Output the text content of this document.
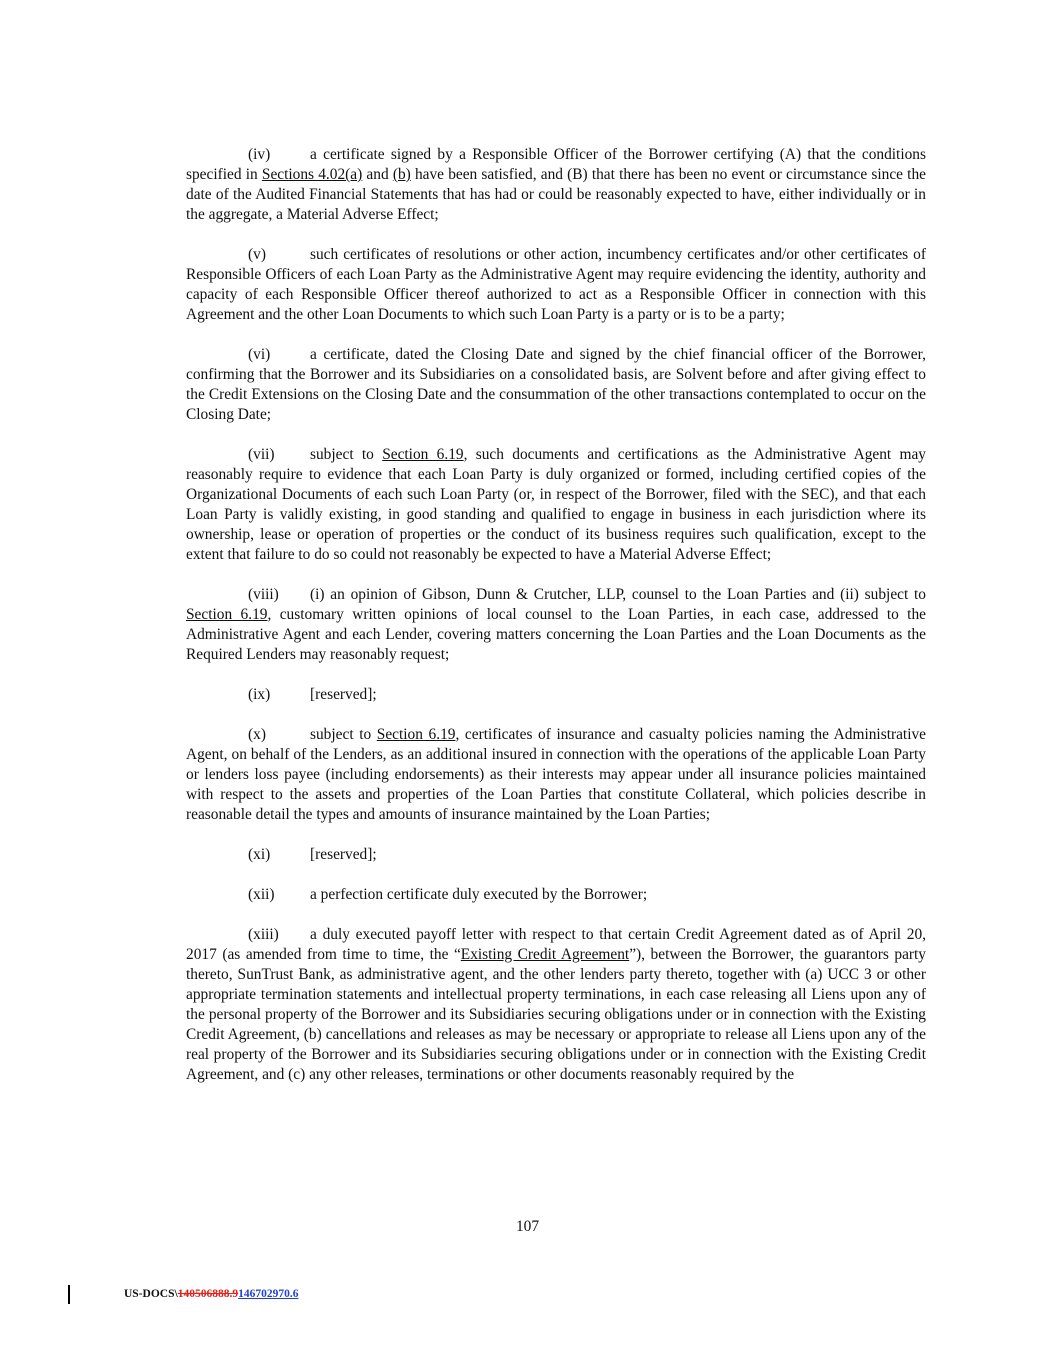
(iv)	a certificate signed by a Responsible Officer of the Borrower certifying (A) that the conditions specified in Sections 4.02(a) and (b) have been satisfied, and (B) that there has been no event or circumstance since the date of the Audited Financial Statements that has had or could be reasonably expected to have, either individually or in the aggregate, a Material Adverse Effect;

(v)	such certificates of resolutions or other action, incumbency certificates and/or other certificates of Responsible Officers of each Loan Party as the Administrative Agent may require evidencing the identity, authority and capacity of each Responsible Officer thereof authorized to act as a Responsible Officer in connection with this Agreement and the other Loan Documents to which such Loan Party is a party or is to be a party;

(vi)	a certificate, dated the Closing Date and signed by the chief financial officer of the Borrower, confirming that the Borrower and its Subsidiaries on a consolidated basis, are Solvent before and after giving effect to the Credit Extensions on the Closing Date and the consummation of the other transactions contemplated to occur on the Closing Date;

(vii) subject to Section 6.19, such documents and certifications as the Administrative Agent may reasonably require to evidence that each Loan Party is duly organized or formed, including certified copies of the Organizational Documents of each such Loan Party (or, in respect of the Borrower, filed with the SEC), and that each Loan Party is validly existing, in good standing and qualified to engage in business in each jurisdiction where its ownership, lease or operation of properties or the conduct of its business requires such qualification, except to the extent that failure to do so could not reasonably be expected to have a Material Adverse Effect;

(viii) (i) an opinion of Gibson, Dunn & Crutcher, LLP, counsel to the Loan Parties and (ii) subject to Section 6.19, customary written opinions of local counsel to the Loan Parties, in each case, addressed to the Administrative Agent and each Lender, covering matters concerning the Loan Parties and the Loan Documents as the Required Lenders may reasonably request;

(ix)	[reserved];

(x)	subject to Section 6.19, certificates of insurance and casualty policies naming the Administrative Agent, on behalf of the Lenders, as an additional insured in connection with the operations of the applicable Loan Party or lenders loss payee (including endorsements) as their interests may appear under all insurance policies maintained with respect to the assets and properties of the Loan Parties that constitute Collateral, which policies describe in reasonable detail the types and amounts of insurance maintained by the Loan Parties;

(xi)	[reserved];

(xii) a perfection certificate duly executed by the Borrower;

(xiii) a duly executed payoff letter with respect to that certain Credit Agreement dated as of April 20, 2017 (as amended from time to time, the “Existing Credit Agreement”), between the Borrower, the guarantors party thereto, SunTrust Bank, as administrative agent, and the other lenders party thereto, together with (a) UCC 3 or other appropriate termination statements and intellectual property terminations, in each case releasing all Liens upon any of the personal property of the Borrower and its Subsidiaries securing obligations under or in connection with the Existing Credit Agreement, (b) cancellations and releases as may be necessary or appropriate to release all Liens upon any of the real property of the Borrower and its Subsidiaries securing obligations under or in connection with the Existing Credit Agreement, and (c) any other releases, terminations or other documents reasonably required by the

107
US-DOCS\140506888.9146702970.6
